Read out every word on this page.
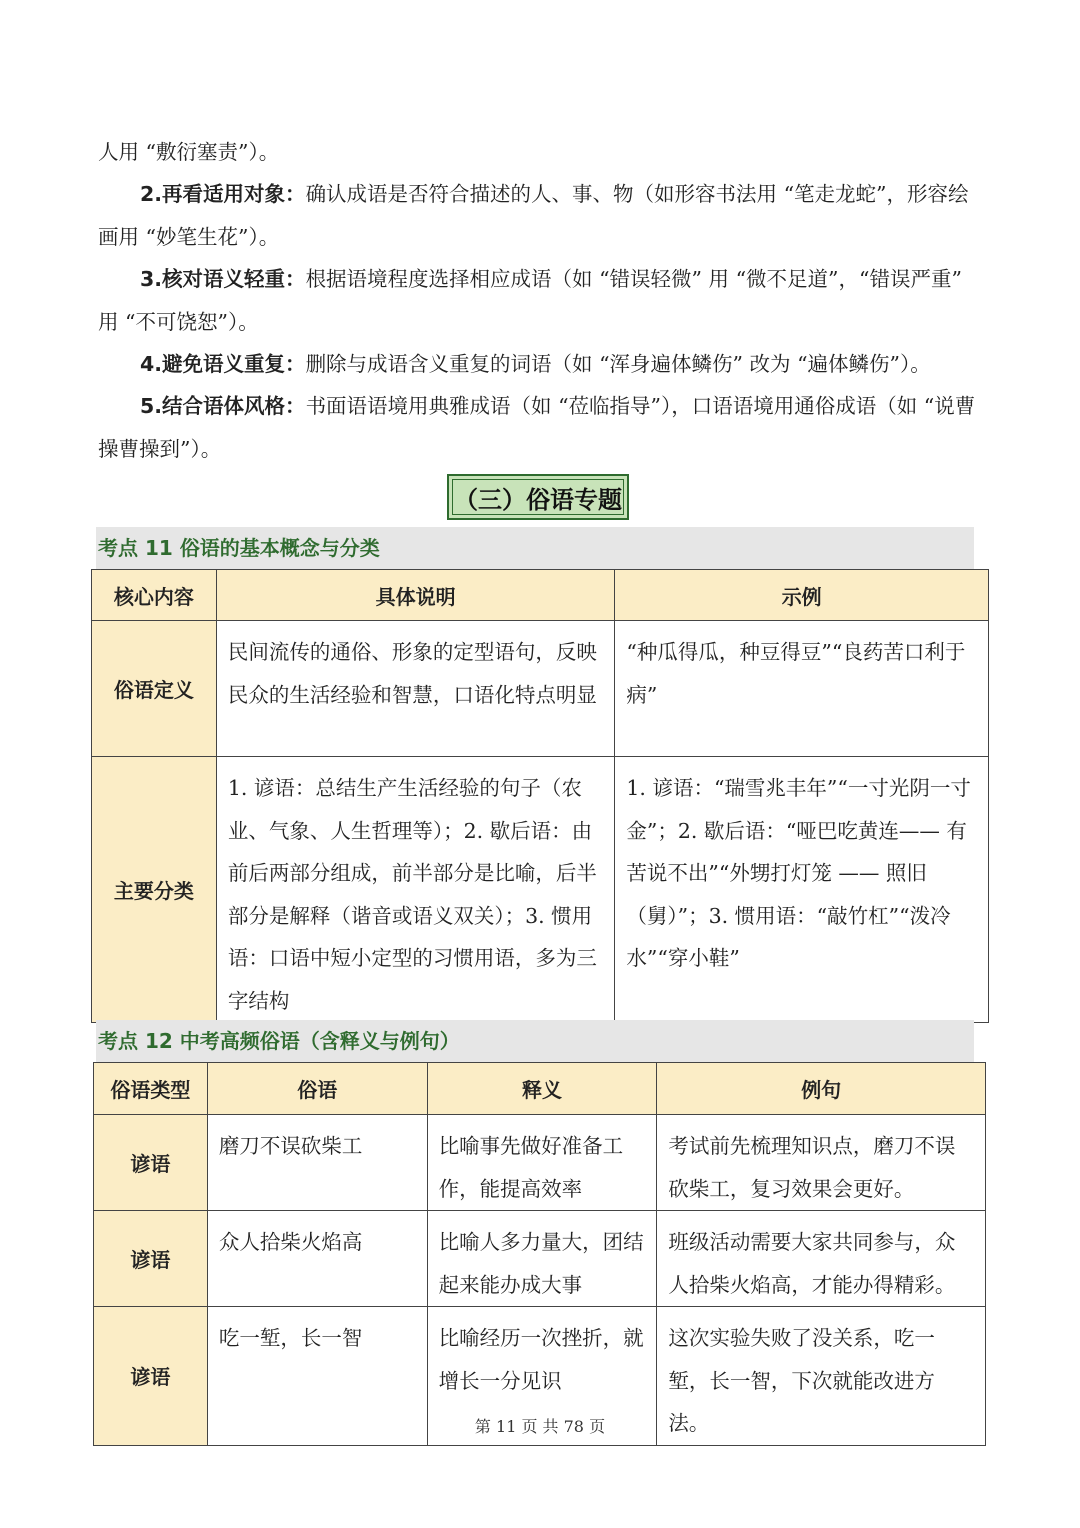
人用 “敷衍塞责”）。

2.再看适用对象：确认成语是否符合描述的人、事、物（如形容书法用 “笔走龙蛇”，形容绘画用 “妙笔生花”）。

3.核对语义轻重：根据语境程度选择相应成语（如 “错误轻微” 用 “微不足道”，“错误严重” 用 “不可饶恕”）。

4.避免语义重复：删除与成语含义重复的词语（如 “浑身遍体鳞伤” 改为 “遍体鳞伤”）。

5.结合语体风格：书面语语境用典雅成语（如 “莅临指导”），口语语境用通俗成语（如 “说曹操曹操到”）。

（三）俗语专题
考点 11 俗语的基本概念与分类
核心内容	具体说明	示例
俗语定义	民间流传的通俗、形象的定型语句，反映民众的生活经验和智慧，口语化特点明显	“种瓜得瓜，种豆得豆”“良药苦口利于病”
主要分类	1. 谚语：总结生产生活经验的句子（农业、气象、人生哲理等）；2. 歇后语：由前后两部分组成，前半部分是比喻，后半部分是解释（谐音或语义双关）；3. 惯用语：口语中短小定型的习惯用语，多为三字结构	1. 谚语：“瑞雪兆丰年”“一寸光阴一寸金”；2. 歇后语：“哑巴吃黄连—— 有苦说不出”“外甥打灯笼 —— 照旧（舅）”；3. 惯用语：“敲竹杠”“泼冷水”“穿小鞋”
考点 12 中考高频俗语（含释义与例句）
俗语类型	俗语	释义	例句
谚语	磨刀不误砍柴工	比喻事先做好准备工作，能提高效率	考试前先梳理知识点，磨刀不误砍柴工，复习效果会更好。
谚语	众人拾柴火焰高	比喻人多力量大，团结起来能办成大事	班级活动需要大家共同参与，众人拾柴火焰高，才能办得精彩。
谚语	吃一堑，长一智	比喻经历一次挫折，就增长一分见识	这次实验失败了没关系，吃一堑，长一智，下次就能改进方法。
第 11 页 共 78 页
